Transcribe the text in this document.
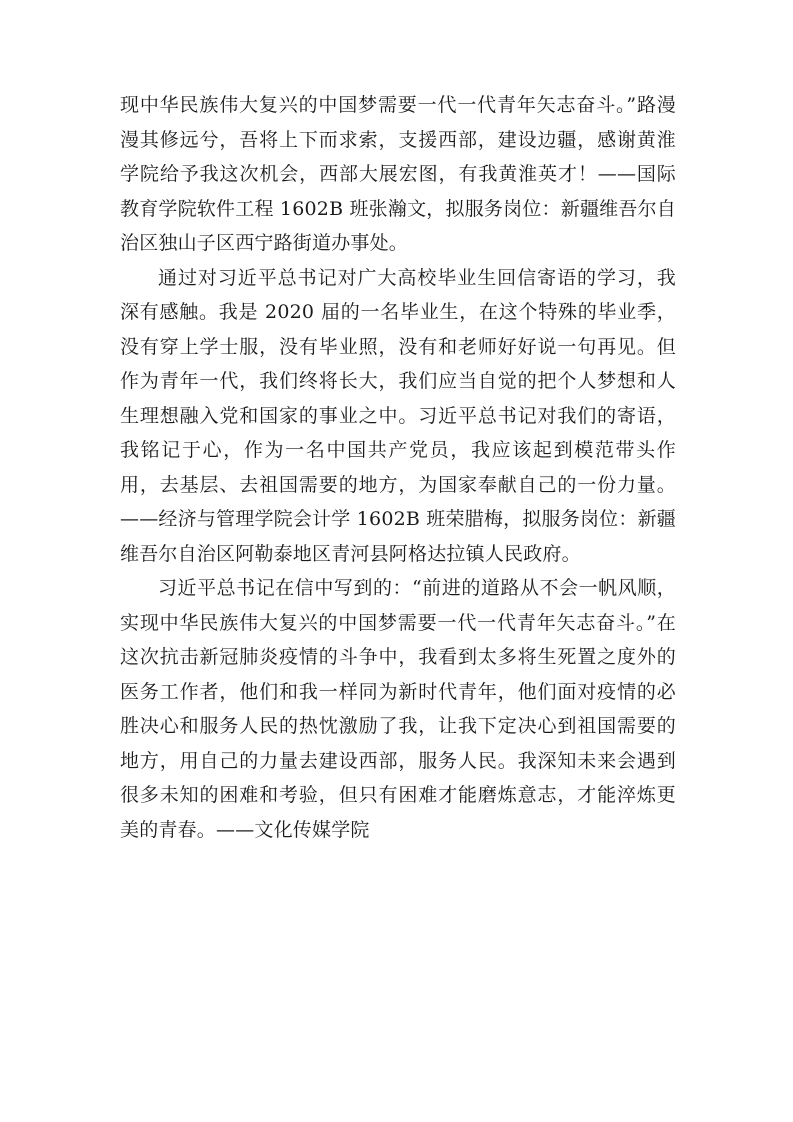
现中华民族伟大复兴的中国梦需要一代一代青年矢志奋斗。”路漫漫其修远兮，吾将上下而求索，支援西部，建设边疆，感谢黄淮学院给予我这次机会，西部大展宏图，有我黄淮英才！——国际教育学院软件工程 1602B 班张瀚文，拟服务岗位：新疆维吾尔自治区独山子区西宁路街道办事处。

通过对习近平总书记对广大高校毕业生回信寄语的学习，我深有感触。我是 2020 届的一名毕业生，在这个特殊的毕业季，没有穿上学士服，没有毕业照，没有和老师好好说一句再见。但作为青年一代，我们终将长大，我们应当自觉的把个人梦想和人生理想融入党和国家的事业之中。习近平总书记对我们的寄语，我铭记于心，作为一名中国共产党员，我应该起到模范带头作用，去基层、去祖国需要的地方，为国家奉献自己的一份力量。——经济与管理学院会计学 1602B 班荣腊梅，拟服务岗位：新疆维吾尔自治区阿勒泰地区青河县阿格达拉镇人民政府。

习近平总书记在信中写到的：“前进的道路从不会一帆风顺，实现中华民族伟大复兴的中国梦需要一代一代青年矢志奋斗。”在这次抗击新冠肺炎疫情的斗争中，我看到太多将生死置之度外的医务工作者，他们和我一样同为新时代青年，他们面对疫情的必胜决心和服务人民的热忱激励了我，让我下定决心到祖国需要的地方，用自己的力量去建设西部，服务人民。我深知未来会遇到很多未知的困难和考验，但只有困难才能磨炼意志，才能淬炼更美的青春。——文化传媒学院
